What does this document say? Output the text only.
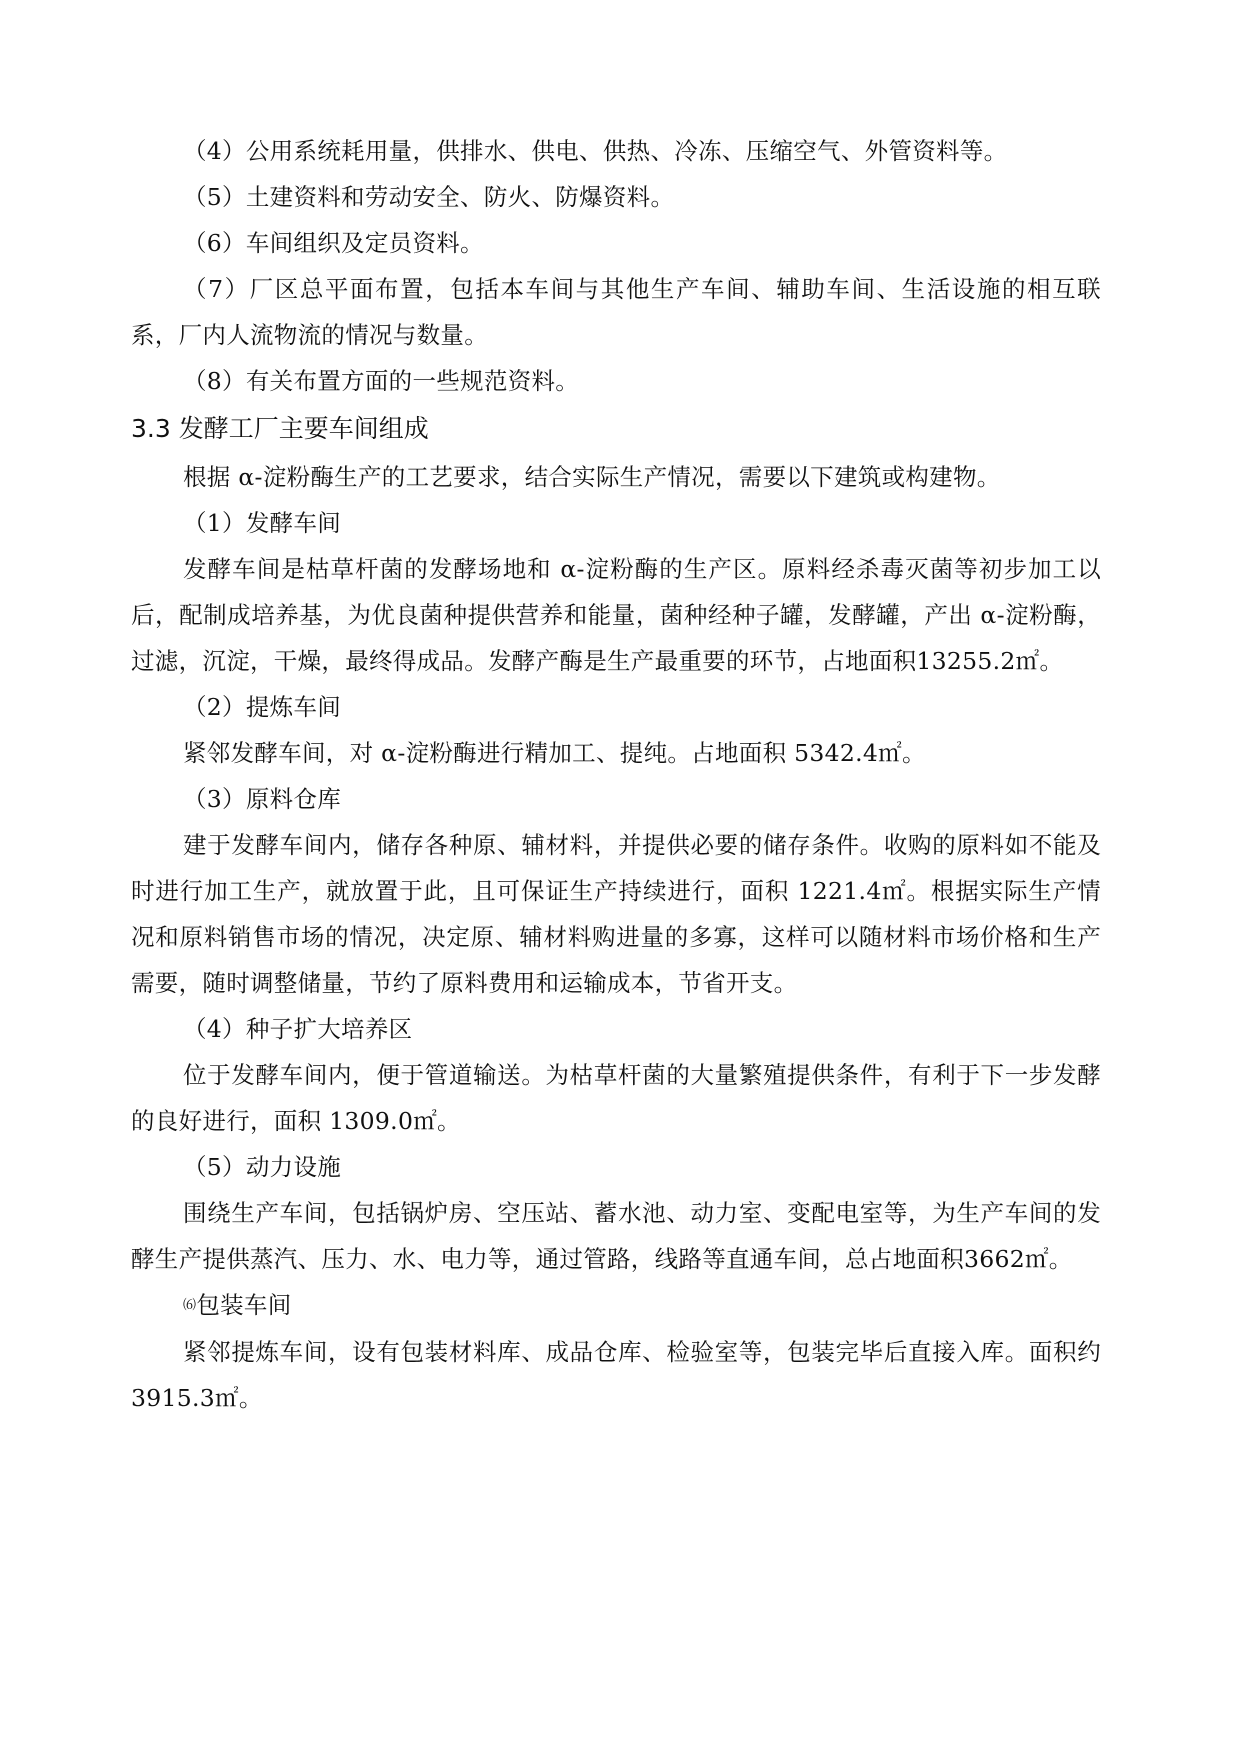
（4）公用系统耗用量，供排水、供电、供热、冷冻、压缩空气、外管资料等。

（5）土建资料和劳动安全、防火、防爆资料。

（6）车间组织及定员资料。

（7）厂区总平面布置，包括本车间与其他生产车间、辅助车间、生活设施的相互联系，厂内人流物流的情况与数量。

（8）有关布置方面的一些规范资料。

3.3 发酵工厂主要车间组成

根据 α-淀粉酶生产的工艺要求，结合实际生产情况，需要以下建筑或构建物。

（1）发酵车间

发酵车间是枯草杆菌的发酵场地和 α-淀粉酶的生产区。原料经杀毒灭菌等初步加工以后，配制成培养基，为优良菌种提供营养和能量，菌种经种子罐，发酵罐，产出 α-淀粉酶，过滤，沉淀，干燥，最终得成品。发酵产酶是生产最重要的环节，占地面积13255.2㎡。

（2）提炼车间

紧邻发酵车间，对 α-淀粉酶进行精加工、提纯。占地面积 5342.4㎡。

（3）原料仓库

建于发酵车间内，储存各种原、辅材料，并提供必要的储存条件。收购的原料如不能及时进行加工生产，就放置于此，且可保证生产持续进行，面积 1221.4㎡。根据实际生产情况和原料销售市场的情况，决定原、辅材料购进量的多寡，这样可以随材料市场价格和生产需要，随时调整储量，节约了原料费用和运输成本，节省开支。

（4）种子扩大培养区

位于发酵车间内，便于管道输送。为枯草杆菌的大量繁殖提供条件，有利于下一步发酵的良好进行，面积 1309.0㎡。

（5）动力设施

围绕生产车间，包括锅炉房、空压站、蓄水池、动力室、变配电室等，为生产车间的发酵生产提供蒸汽、压力、水、电力等，通过管路，线路等直通车间，总占地面积3662㎡。

⑹包装车间

紧邻提炼车间，设有包装材料库、成品仓库、检验室等，包装完毕后直接入库。面积约 3915.3㎡。
